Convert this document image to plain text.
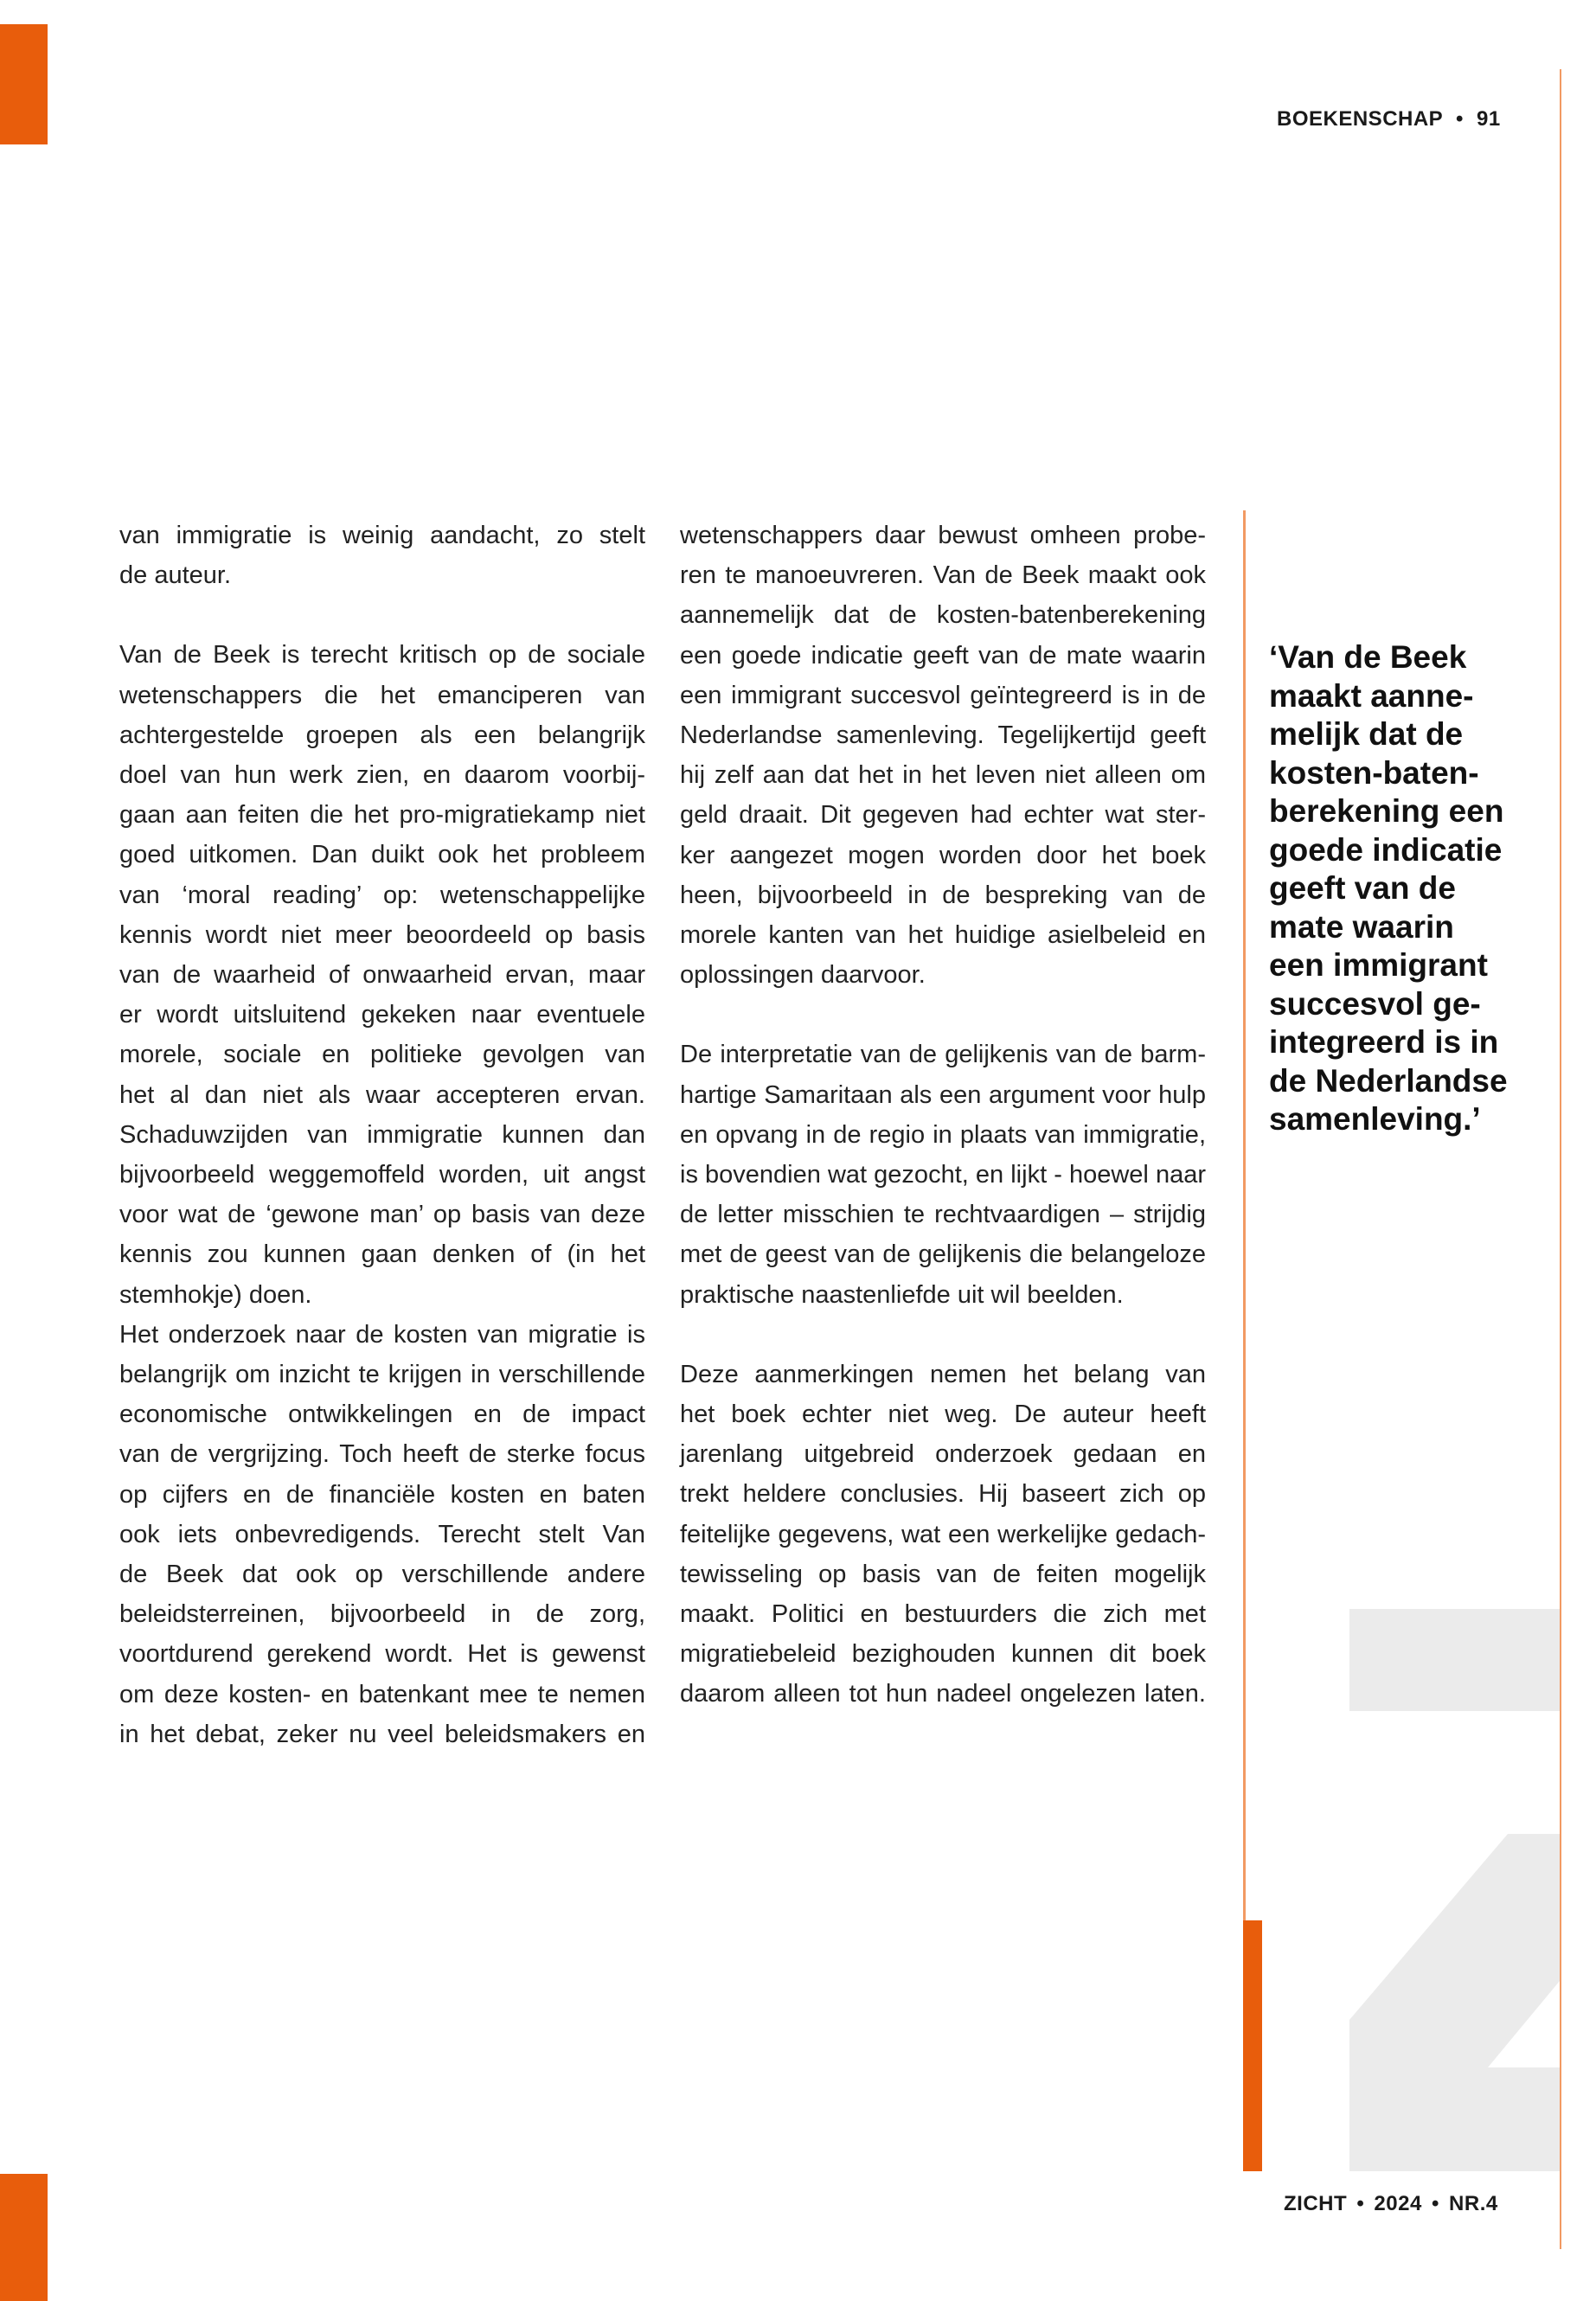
BOEKENSCHAP • 91
van immigratie is weinig aandacht, zo stelt
de auteur.
Van de Beek is terecht kritisch op de sociale
wetenschappers die het emanciperen van
achtergestelde groepen als een belangrijk
doel van hun werk zien, en daarom voorbij-
gaan aan feiten die het pro-migratiekamp niet
goed uitkomen. Dan duikt ook het probleem
van ‘moral reading’ op: wetenschappelijke
kennis wordt niet meer beoordeeld op basis
van de waarheid of onwaarheid ervan, maar
er wordt uitsluitend gekeken naar eventuele
morele, sociale en politieke gevolgen van
het al dan niet als waar accepteren ervan.
Schaduwzijden van immigratie kunnen dan
bijvoorbeeld weggemoffeld worden, uit angst
voor wat de ‘gewone man’ op basis van deze
kennis zou kunnen gaan denken of (in het
stemhokje) doen.
Het onderzoek naar de kosten van migratie is
belangrijk om inzicht te krijgen in verschillende
economische ontwikkelingen en de impact
van de vergrijzing. Toch heeft de sterke focus
op cijfers en de financiële kosten en baten
ook iets onbevredigends. Terecht stelt Van
de Beek dat ook op verschillende andere
beleidsterreinen, bijvoorbeeld in de zorg,
voortdurend gerekend wordt. Het is gewenst
om deze kosten- en batenkant mee te nemen
in het debat, zeker nu veel beleidsmakers en
wetenschappers daar bewust omheen probe-
ren te manoeuvreren. Van de Beek maakt ook
aannemelijk dat de kosten-batenberekening
een goede indicatie geeft van de mate waarin
een immigrant succesvol geïntegreerd is in de
Nederlandse samenleving. Tegelijkertijd geeft
hij zelf aan dat het in het leven niet alleen om
geld draait. Dit gegeven had echter wat ster-
ker aangezet mogen worden door het boek
heen, bijvoorbeeld in de bespreking van de
morele kanten van het huidige asielbeleid en
oplossingen daarvoor.
De interpretatie van de gelijkenis van de barm-
hartige Samaritaan als een argument voor hulp
en opvang in de regio in plaats van immigratie,
is bovendien wat gezocht, en lijkt - hoewel naar
de letter misschien te rechtvaardigen – strijdig
met de geest van de gelijkenis die belangeloze
praktische naastenliefde uit wil beelden.
Deze aanmerkingen nemen het belang van
het boek echter niet weg. De auteur heeft
jarenlang uitgebreid onderzoek gedaan en
trekt heldere conclusies. Hij baseert zich op
feitelijke gegevens, wat een werkelijke gedach-
tewisseling op basis van de feiten mogelijk
maakt. Politici en bestuurders die zich met
migratiebeleid bezighouden kunnen dit boek
daarom alleen tot hun nadeel ongelezen laten.
‘Van de Beek
maakt aanne-
melijk dat de
kosten-baten-
berekening een
goede indicatie
geeft van de
mate waarin
een immigrant
succesvol ge-
integreerd is in
de Nederlandse
samenleving.’
ZICHT • 2024 • NR.4
